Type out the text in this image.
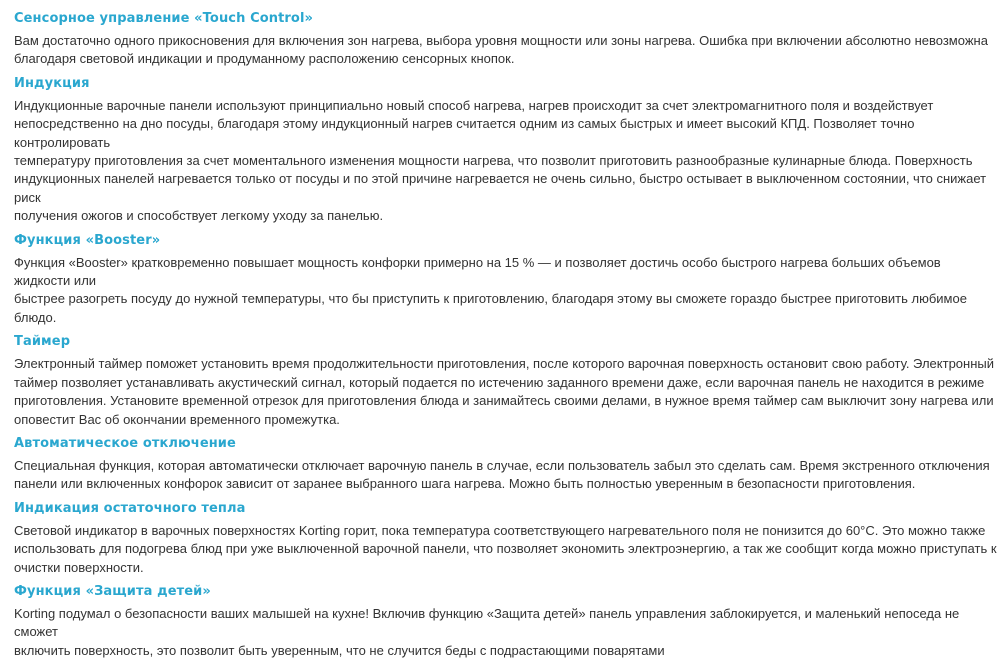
Сенсорное управление «Touch Control»

Вам достаточно одного прикосновения для включения зон нагрева, выбора уровня мощности или зоны нагрева. Ошибка при включении абсолютно невозможна
благодаря световой индикации и продуманному расположению сенсорных кнопок.

Индукция

Индукционные варочные панели используют принципиально новый способ нагрева, нагрев происходит за счет электромагнитного поля и воздействует
непосредственно на дно посуды, благодаря этому индукционный нагрев считается одним из самых быстрых и имеет высокий КПД. Позволяет точно контролировать
температуру приготовления за счет моментального изменения мощности нагрева, что позволит приготовить разнообразные кулинарные блюда. Поверхность
индукционных панелей нагревается только от посуды и по этой причине нагревается не очень сильно, быстро остывает в выключенном состоянии, что снижает риск
получения ожогов и способствует легкому уходу за панелью.

Функция «Booster»

Функция «Booster» кратковременно повышает мощность конфорки примерно на 15 % — и позволяет достичь особо быстрого нагрева больших объемов жидкости или
быстрее разогреть посуду до нужной температуры, что бы приступить к приготовлению, благодаря этому вы сможете гораздо быстрее приготовить любимое блюдо.

Таймер

Электронный таймер поможет установить время продолжительности приготовления, после которого варочная поверхность остановит свою работу. Электронный
таймер позволяет устанавливать акустический сигнал, который подается по истечению заданного времени даже, если варочная панель не находится в режиме
приготовления. Установите временной отрезок для приготовления блюда и занимайтесь своими делами, в нужное время таймер сам выключит зону нагрева или
оповестит Вас об окончании временного промежутка.

Автоматическое отключение

Специальная функция, которая автоматически отключает варочную панель в случае, если пользователь забыл это сделать сам. Время экстренного отключения
панели или включенных конфорок зависит от заранее выбранного шага нагрева. Можно быть полностью уверенным в безопасности приготовления.

Индикация остаточного тепла

Световой индикатор в варочных поверхностях Korting горит, пока температура соответствующего нагревательного поля не понизится до 60°С. Это можно также
использовать для подогрева блюд при уже выключенной варочной панели, что позволяет экономить электроэнергию, а так же сообщит когда можно приступать к
очистки поверхности.

Функция «Защита детей»

Korting подумал о безопасности ваших малышей на кухне! Включив функцию «Защита детей» панель управления заблокируется, и маленький непоседа не сможет
включить поверхность, это позволит быть уверенным, что не случится беды с подрастающими поварятами
